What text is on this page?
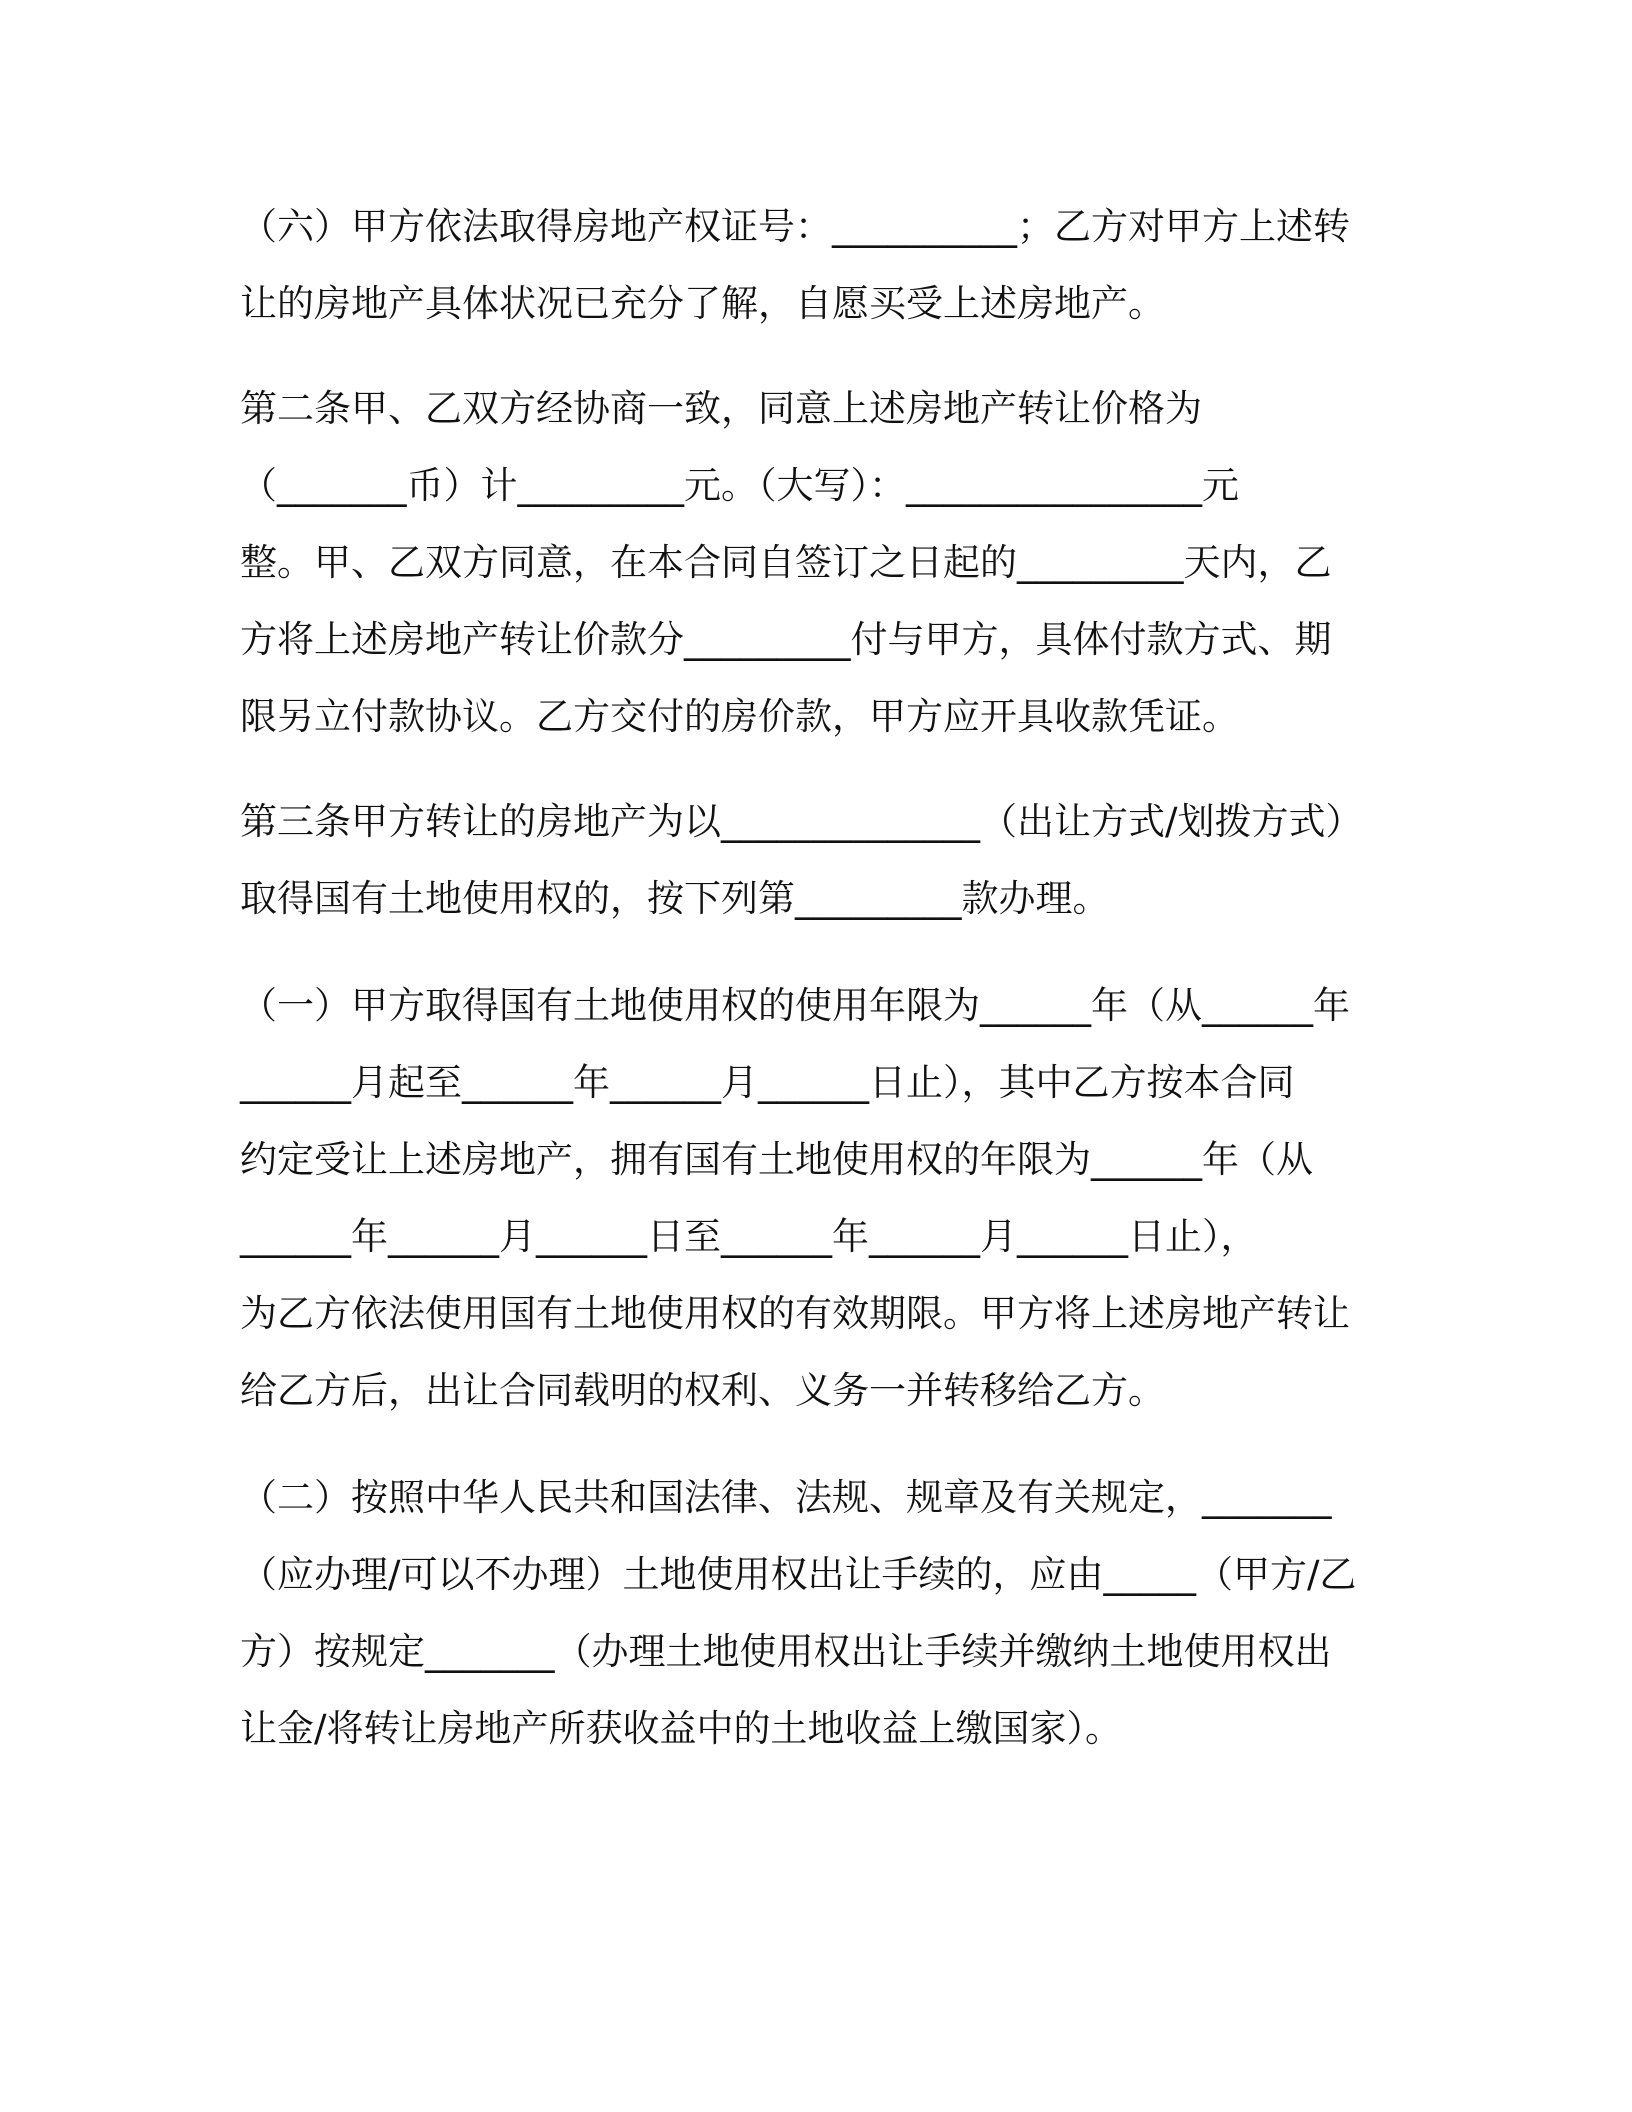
（六）甲方依法取得房地产权证号：__________；乙方对甲方上述转
让的房地产具体状况已充分了解，自愿买受上述房地产。
第二条甲、乙双方经协商一致，同意上述房地产转让价格为
（_______币）计_________元。（大写）：________________元
整。甲、乙双方同意，在本合同自签订之日起的_________天内，乙
方将上述房地产转让价款分_________付与甲方，具体付款方式、期
限另立付款协议。乙方交付的房价款，甲方应开具收款凭证。
第三条甲方转让的房地产为以______________（出让方式/划拨方式）
取得国有土地使用权的，按下列第_________款办理。
（一）甲方取得国有土地使用权的使用年限为______年（从______年
______月起至______年______月______日止），其中乙方按本合同
约定受让上述房地产，拥有国有土地使用权的年限为______年（从
______年______月______日至______年______月______日止），
为乙方依法使用国有土地使用权的有效期限。甲方将上述房地产转让
给乙方后，出让合同载明的权利、义务一并转移给乙方。
（二）按照中华人民共和国法律、法规、规章及有关规定，_______
（应办理/可以不办理）土地使用权出让手续的，应由_____（甲方/乙
方）按规定_______（办理土地使用权出让手续并缴纳土地使用权出
让金/将转让房地产所获收益中的土地收益上缴国家）。
